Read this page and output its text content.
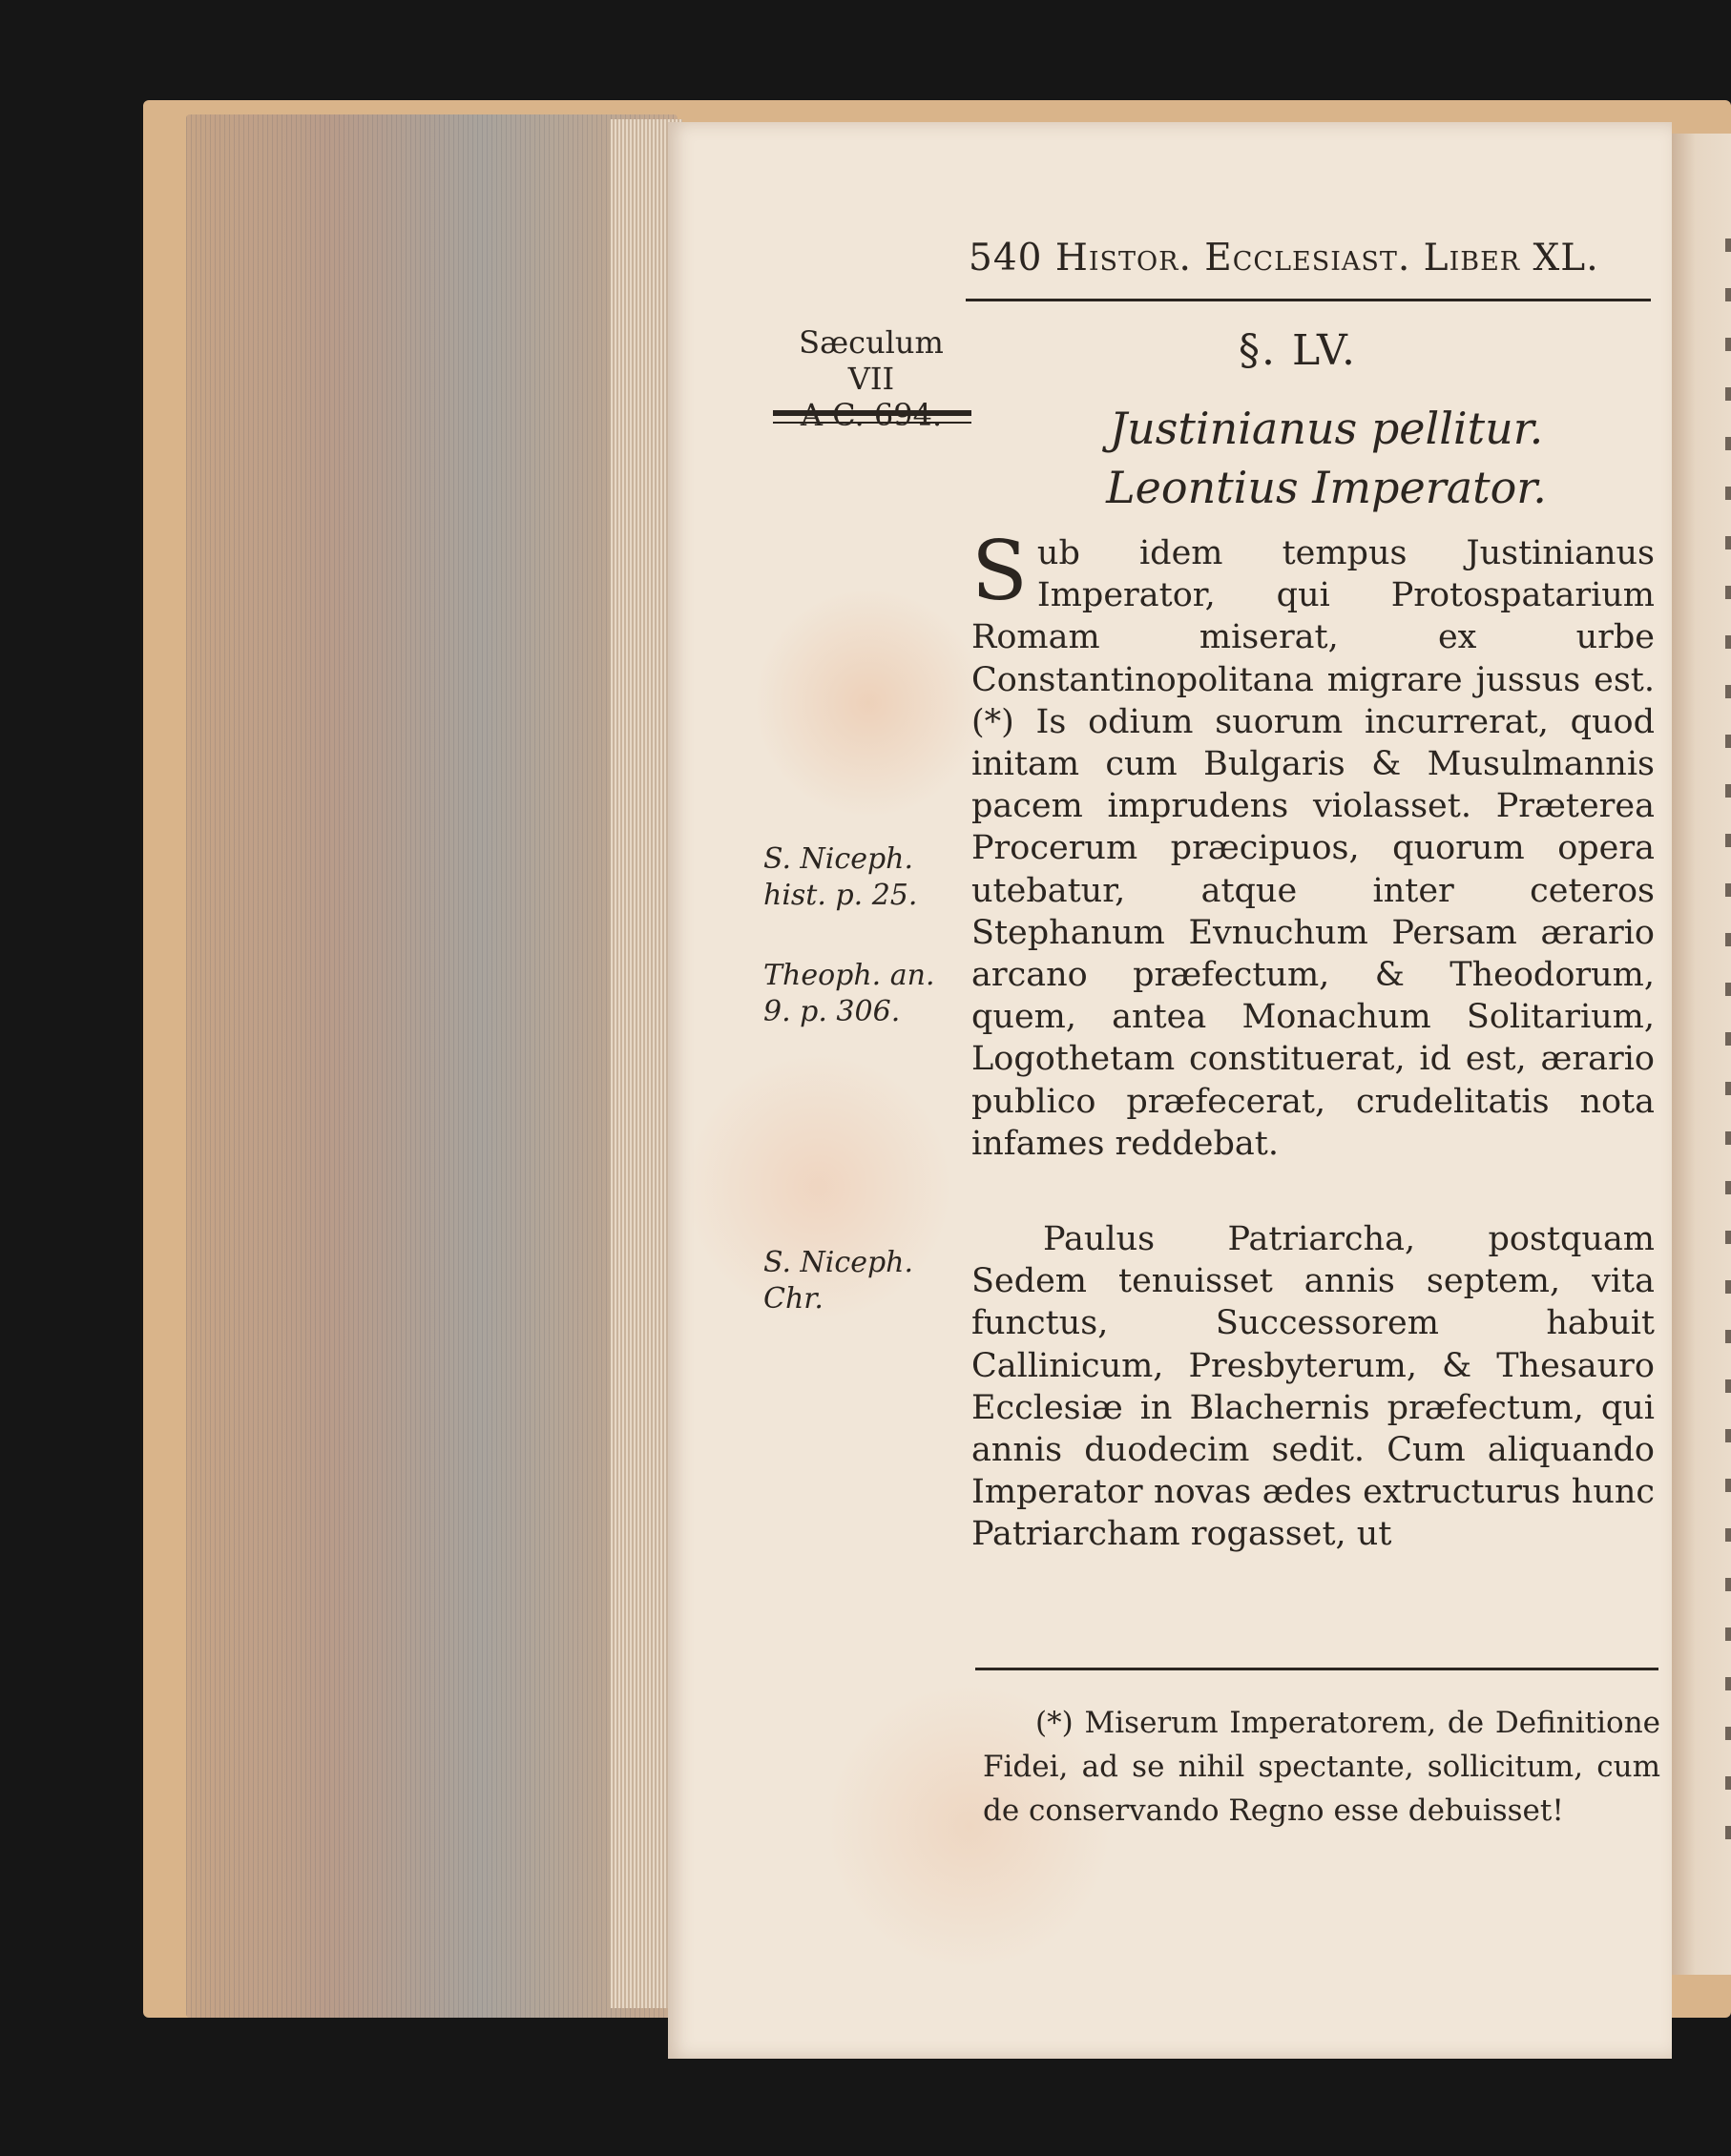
540 Histor. Ecclesiast. Liber XL.
Sæculum VII
§. LV.
Justinianus pellitur. Leontius Imperator.

Sub idem tempus Justinianus Imperator, qui Protospatarium Romam miserat, ex urbe Constantinopolitana migrare jussus est. (*) Is odium suorum incurrerat, quod initam cum Bulgaris & Musulmannis pacem imprudens violasset. Præterea Procerum præcipuos, quorum opera utebatur, atque inter ceteros Stephanum Evnuchum Persam ærario arcano præfectum, & Theodorum, quem, antea Monachum Solitarium, Logothetam constituerat, id est, ærario publico præfecerat, crudelitatis nota infames reddebat.

Paulus Patriarcha, postquam Sedem tenuisset annis septem, vita functus, Successorem habuit Callinicum, Presbyterum, & Thesauro Ecclesiæ in Blachernis præfectum, qui annis duodecim sedit. Cum aliquando Imperator novas ædes extructurus hunc Patriarcham rogasset, ut

S. Niceph.
hist. p. 25.
Theoph. an.
9. p. 306.
S. Niceph.
Chr.

(*) Miserum Imperatorem, de Definitione Fidei, ad se nihil spectante, sollicitum, cum de conservando Regno esse debuisset!
